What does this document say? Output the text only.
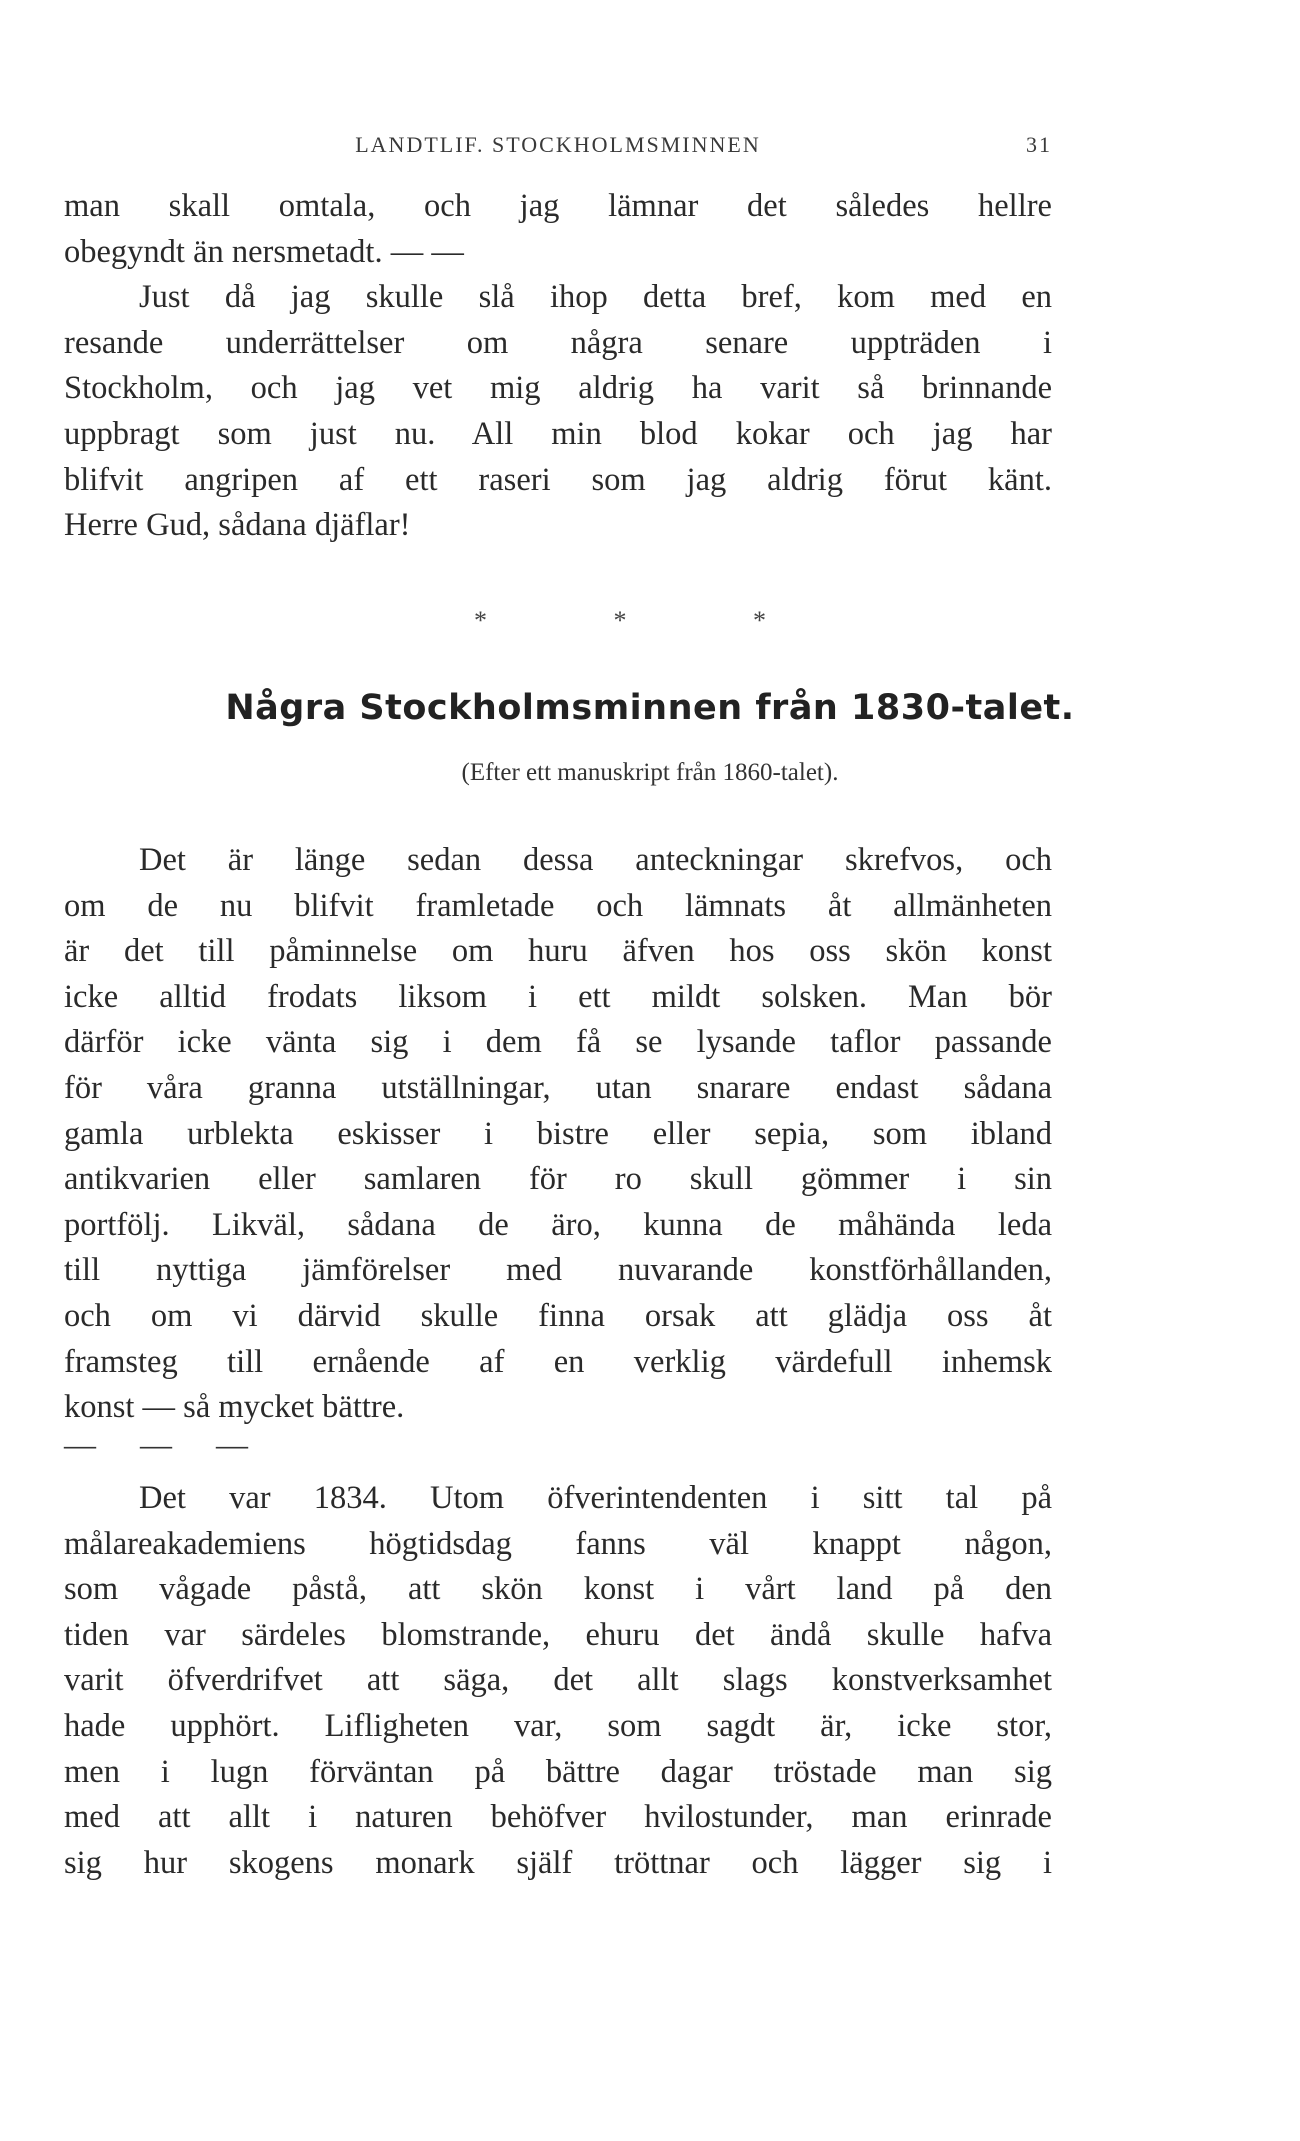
LANDTLIF. STOCKHOLMSMINNEN	31
man skall omtala, och jag lämnar det således hellre
obegyndt än nersmetadt. — —
Just då jag skulle slå ihop detta bref, kom med en
resande underrättelser om några senare uppträden i
Stockholm, och jag vet mig aldrig ha varit så brinnande
uppbragt som just nu. All min blod kokar och jag har
blifvit angripen af ett raseri som jag aldrig förut känt.
Herre Gud, sådana djäflar!
* * *
Några Stockholmsminnen från 1830-talet.
(Efter ett manuskript från 1860-talet).
Det är länge sedan dessa anteckningar skrefvos, och
om de nu blifvit framletade och lämnats åt allmänheten
är det till påminnelse om huru äfven hos oss skön konst
icke alltid frodats liksom i ett mildt solsken. Man bör
därför icke vänta sig i dem få se lysande taflor passande
för våra granna utställningar, utan snarare endast sådana
gamla urblekta eskisser i bistre eller sepia, som ibland
antikvarien eller samlaren för ro skull gömmer i sin
portfölj. Likväl, sådana de äro, kunna de måhända leda
till nyttiga jämförelser med nuvarande konstförhållanden,
och om vi därvid skulle finna orsak att glädja oss åt
framsteg till ernående af en verklig värdefull inhemsk
konst — så mycket bättre.
— — —
Det var 1834. Utom öfverintendenten i sitt tal på
målareakademiens högtidsdag fanns väl knappt någon,
som vågade påstå, att skön konst i vårt land på den
tiden var särdeles blomstrande, ehuru det ändå skulle hafva
varit öfverdrifvet att säga, det allt slags konstverksamhet
hade upphört. Lifligheten var, som sagdt är, icke stor,
men i lugn förväntan på bättre dagar tröstade man sig
med att allt i naturen behöfver hvilostunder, man erinrade
sig hur skogens monark själf tröttnar och lägger sig i
